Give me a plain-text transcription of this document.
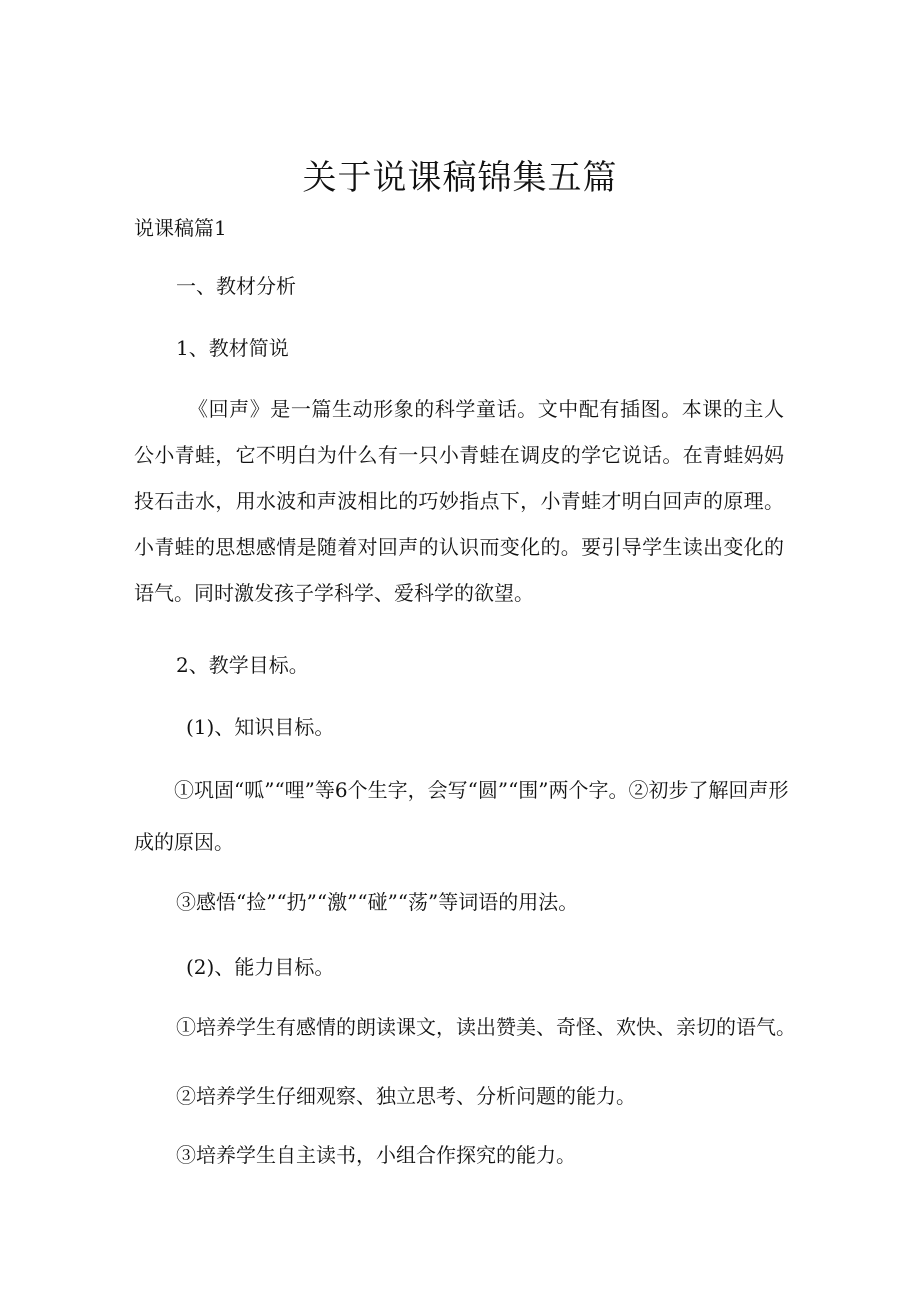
关于说课稿锦集五篇
说课稿篇1
一、教材分析
1、教材简说

《回声》是一篇生动形象的科学童话。文中配有插图。本课的主人公小青蛙，它不明白为什么有一只小青蛙在调皮的学它说话。在青蛙妈妈投石击水，用水波和声波相比的巧妙指点下，小青蛙才明白回声的原理。小青蛙的思想感情是随着对回声的认识而变化的。要引导学生读出变化的语气。同时激发孩子学科学、爱科学的欲望。

2、教学目标。
(1)、知识目标。

①巩固“呱”“哩”等6个生字，会写“圆”“围”两个字。②初步了解回声形成的原因。

③感悟“捡”“扔”“激”“碰”“荡”等词语的用法。
(2)、能力目标。
①培养学生有感情的朗读课文，读出赞美、奇怪、欢快、亲切的语气。
②培养学生仔细观察、独立思考、分析问题的能力。
③培养学生自主读书，小组合作探究的能力。
